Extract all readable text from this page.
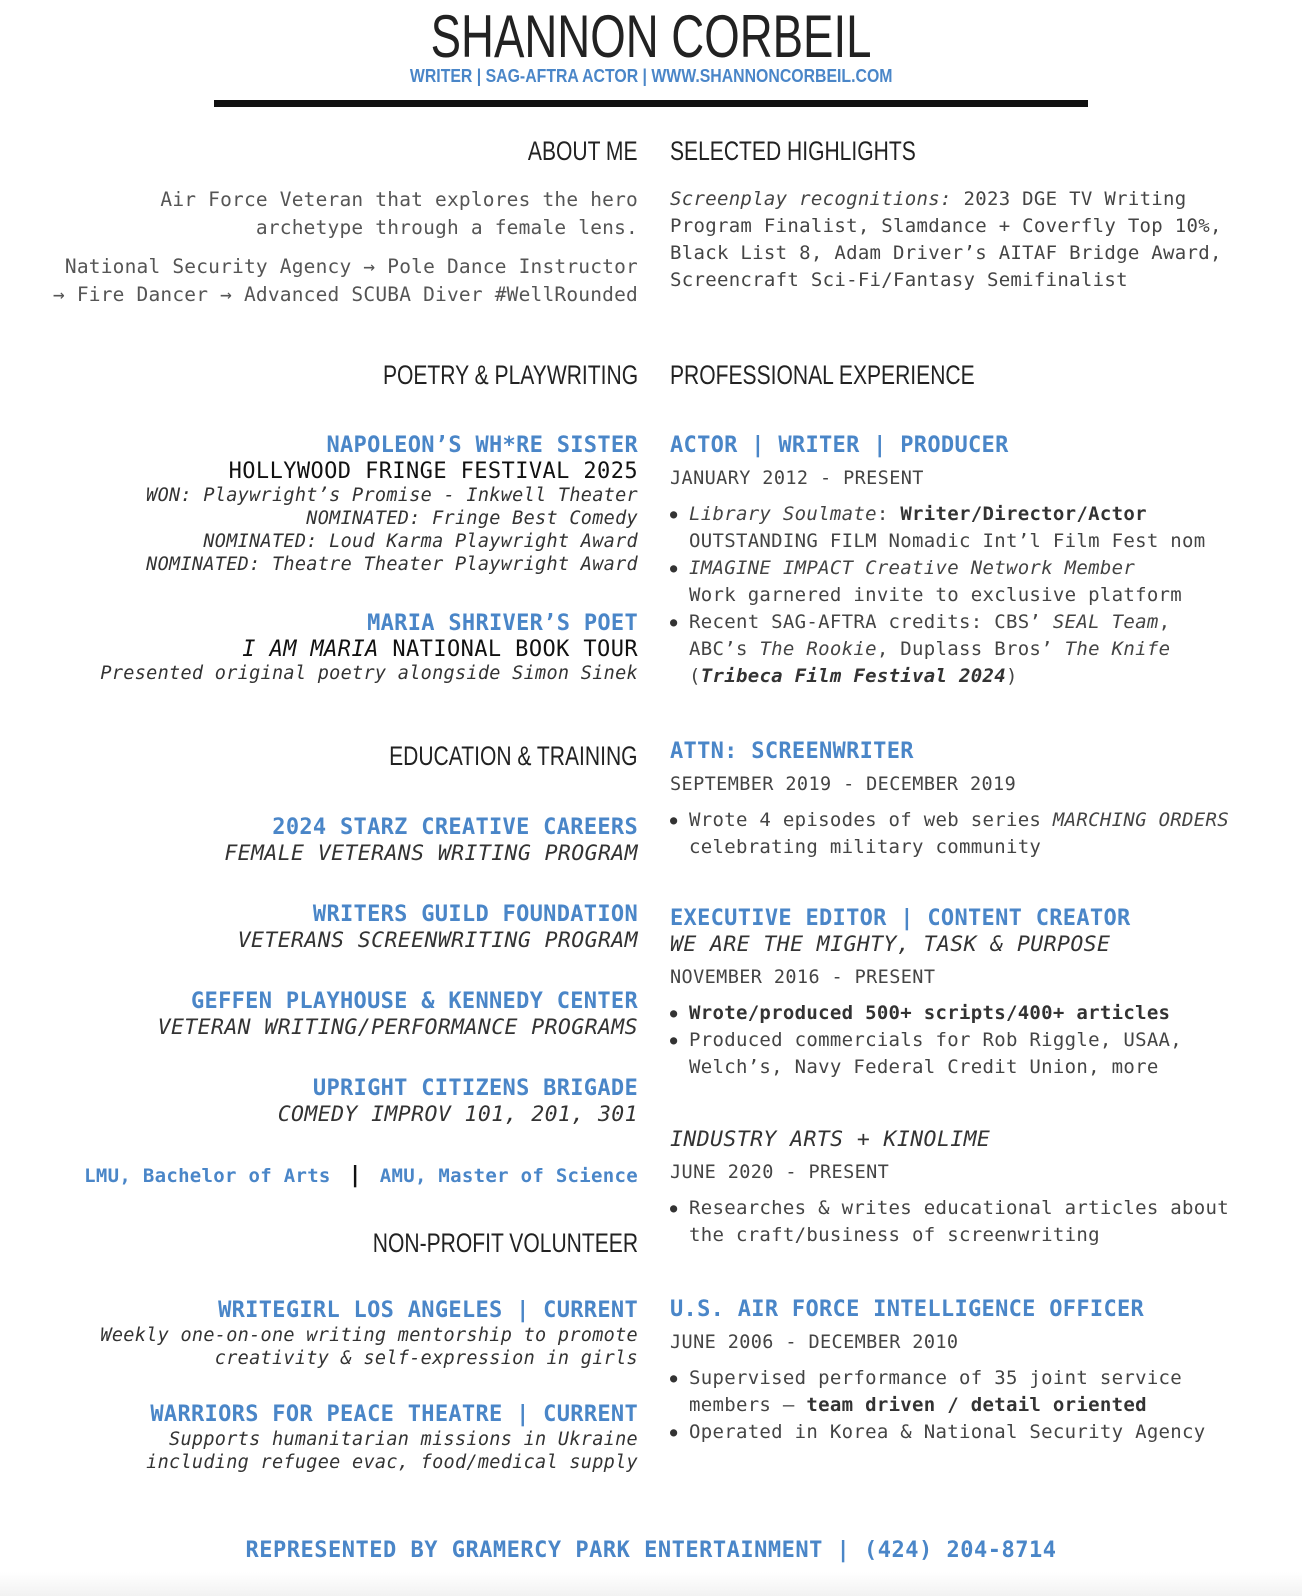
SHANNON CORBEIL
WRITER | SAG-AFTRA ACTOR | WWW.SHANNONCORBEIL.COM
ABOUT ME
Air Force Veteran that explores the hero
archetype through a female lens.
National Security Agency → Pole Dance Instructor
→ Fire Dancer → Advanced SCUBA Diver #WellRounded
SELECTED HIGHLIGHTS
Screenplay recognitions: 2023 DGE TV Writing
Program Finalist, Slamdance + Coverfly Top 10%,
Black List 8, Adam Driver’s AITAF Bridge Award,
Screencraft Sci-Fi/Fantasy Semifinalist
POETRY & PLAYWRITING
NAPOLEON’S WH*RE SISTER
HOLLYWOOD FRINGE FESTIVAL 2025
WON: Playwright’s Promise - Inkwell Theater
NOMINATED: Fringe Best Comedy
NOMINATED: Loud Karma Playwright Award
NOMINATED: Theatre Theater Playwright Award
MARIA SHRIVER’S POET
I AM MARIA NATIONAL BOOK TOUR
Presented original poetry alongside Simon Sinek
EDUCATION & TRAINING
2024 STARZ CREATIVE CAREERS
FEMALE VETERANS WRITING PROGRAM
WRITERS GUILD FOUNDATION
VETERANS SCREENWRITING PROGRAM
GEFFEN PLAYHOUSE & KENNEDY CENTER
VETERAN WRITING/PERFORMANCE PROGRAMS
UPRIGHT CITIZENS BRIGADE
COMEDY IMPROV 101, 201, 301
LMU, Bachelor of Arts | AMU, Master of Science
NON-PROFIT VOLUNTEER
WRITEGIRL LOS ANGELES | CURRENT
Weekly one-on-one writing mentorship to promote
creativity & self-expression in girls
WARRIORS FOR PEACE THEATRE | CURRENT
Supports humanitarian missions in Ukraine
including refugee evac, food/medical supply
PROFESSIONAL EXPERIENCE
ACTOR | WRITER | PRODUCER
JANUARY 2012 - PRESENT
● Library Soulmate: Writer/Director/Actor
OUTSTANDING FILM Nomadic Int’l Film Fest nom
● IMAGINE IMPACT Creative Network Member
Work garnered invite to exclusive platform
● Recent SAG-AFTRA credits: CBS’ SEAL Team,
ABC’s The Rookie, Duplass Bros’ The Knife
(Tribeca Film Festival 2024)
ATTN: SCREENWRITER
SEPTEMBER 2019 - DECEMBER 2019
● Wrote 4 episodes of web series MARCHING ORDERS
celebrating military community
EXECUTIVE EDITOR | CONTENT CREATOR
WE ARE THE MIGHTY, TASK & PURPOSE
NOVEMBER 2016 - PRESENT
● Wrote/produced 500+ scripts/400+ articles
● Produced commercials for Rob Riggle, USAA,
Welch’s, Navy Federal Credit Union, more
INDUSTRY ARTS + KINOLIME
JUNE 2020 - PRESENT
● Researches & writes educational articles about
the craft/business of screenwriting
U.S. AIR FORCE INTELLIGENCE OFFICER
JUNE 2006 - DECEMBER 2010
● Supervised performance of 35 joint service
members — team driven / detail oriented
● Operated in Korea & National Security Agency
REPRESENTED BY GRAMERCY PARK ENTERTAINMENT | (424) 204-8714
